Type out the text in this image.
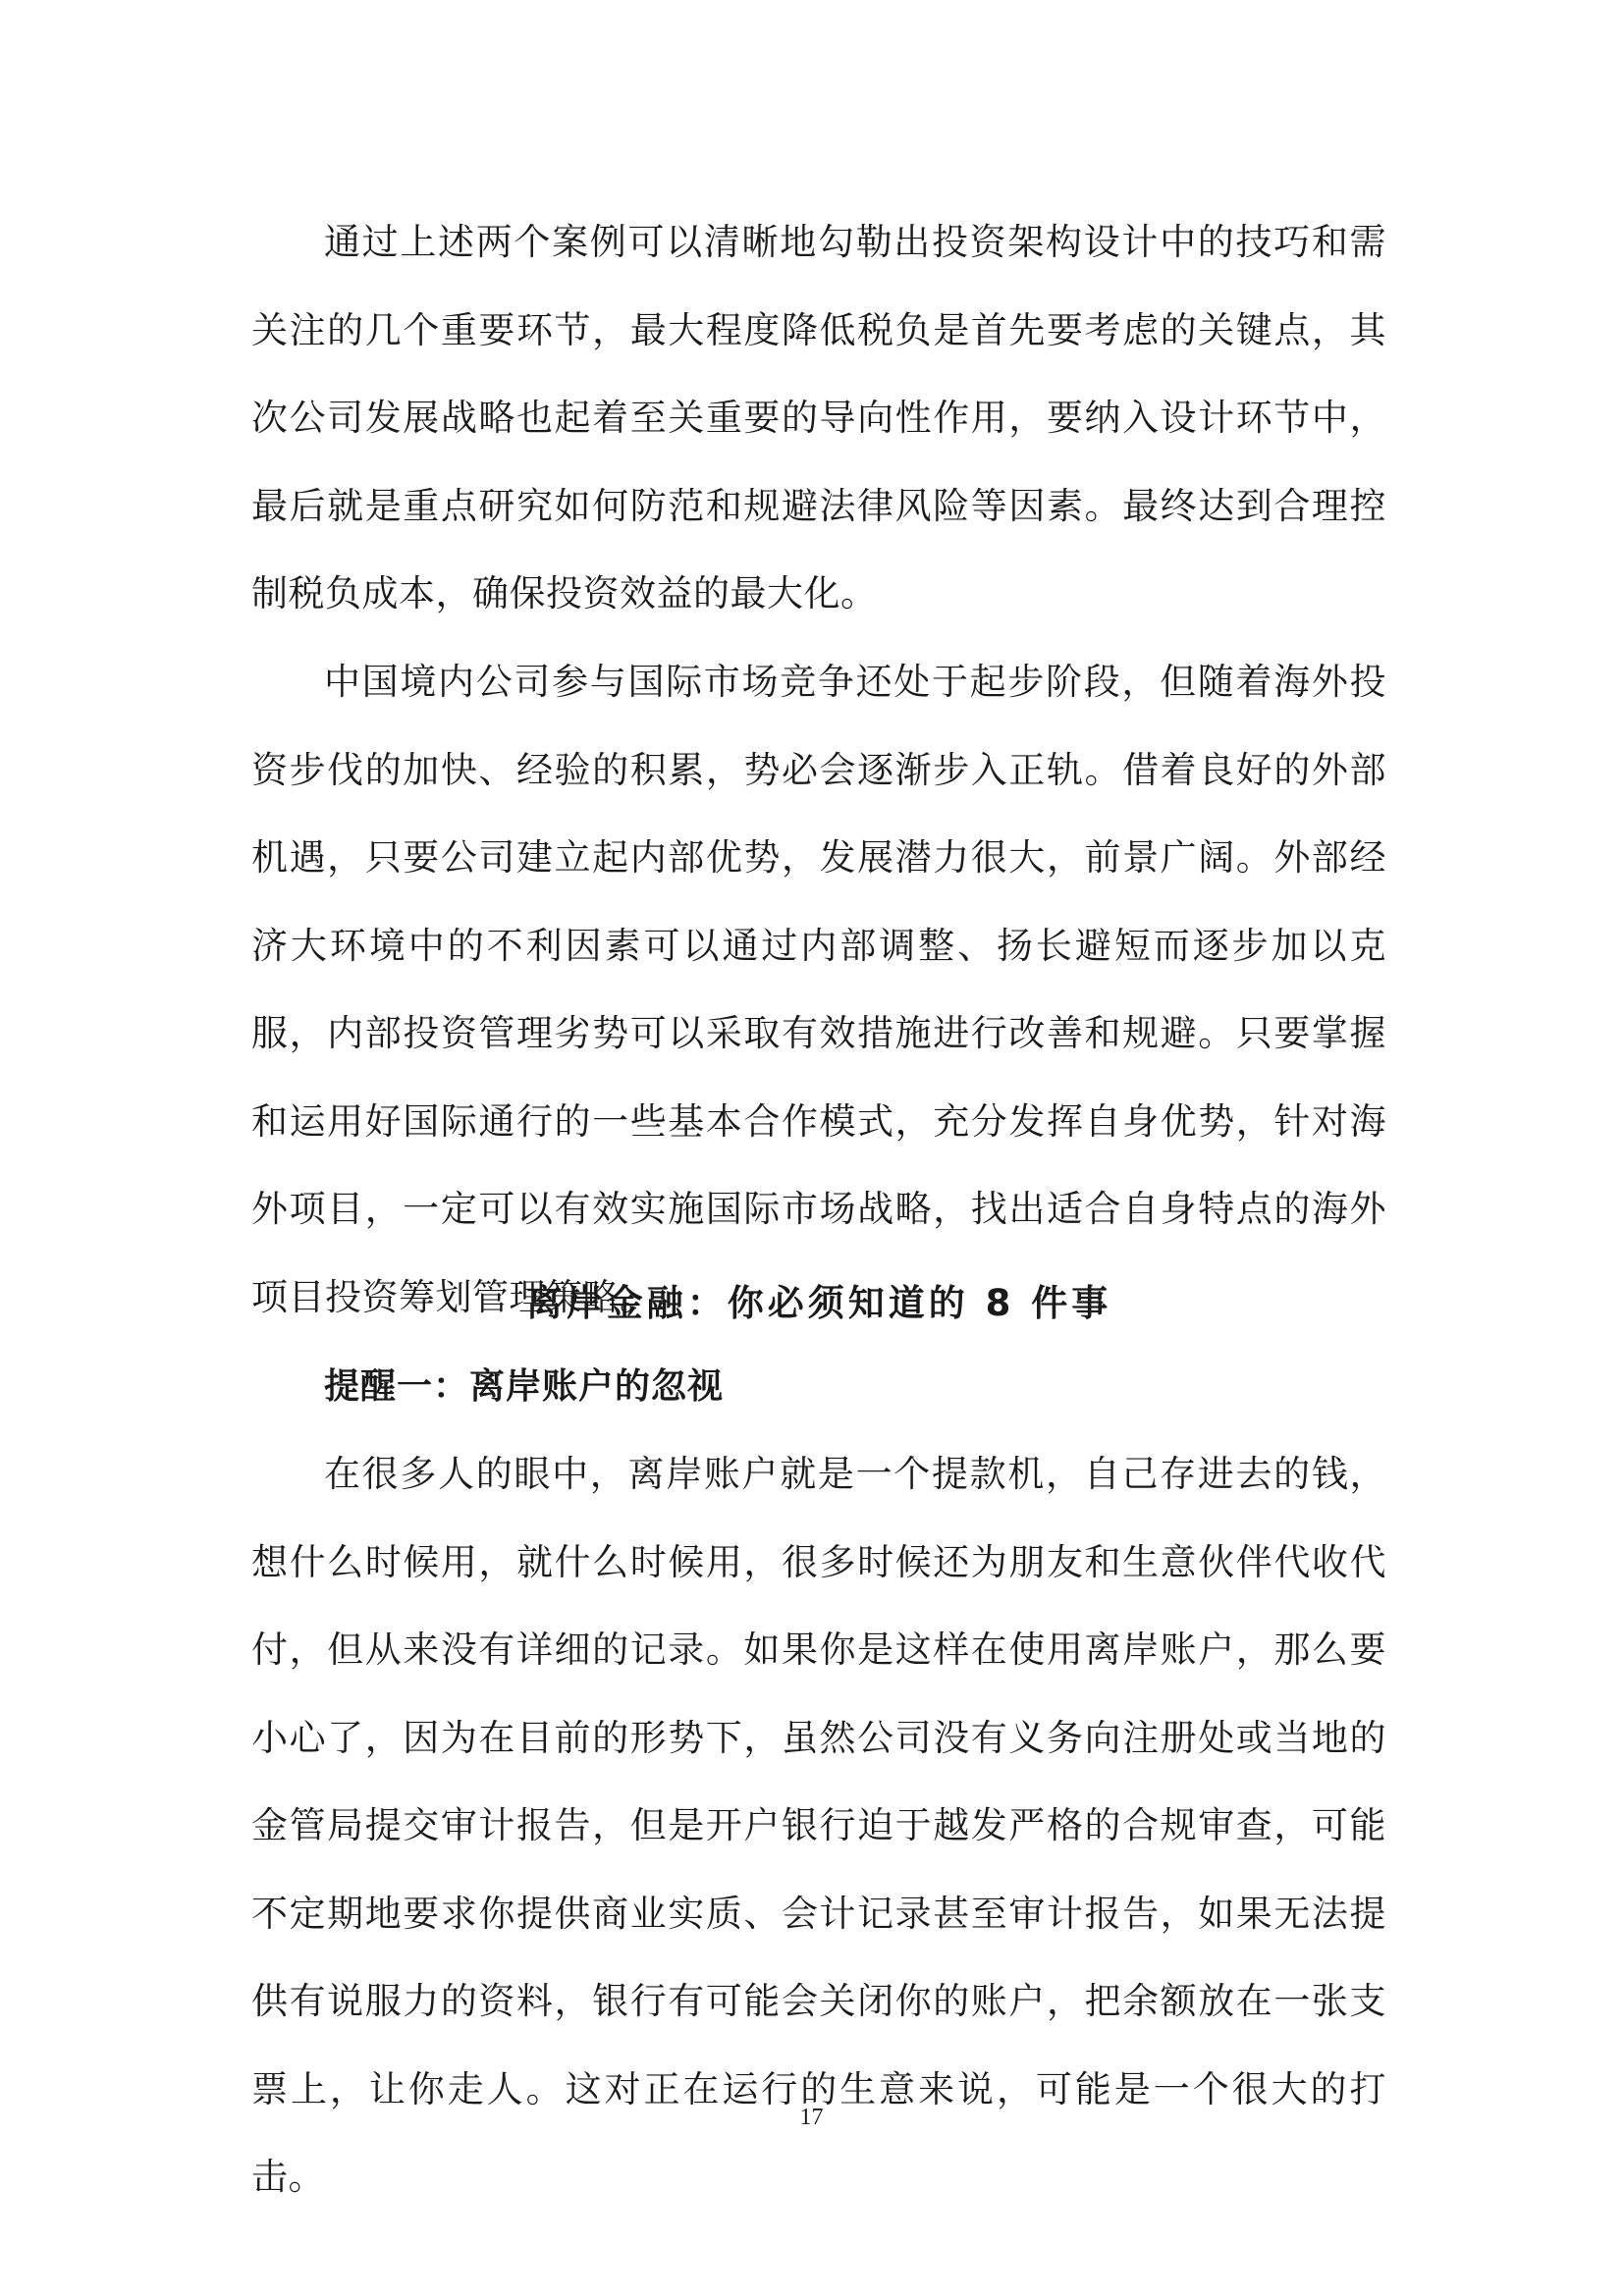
通过上述两个案例可以清晰地勾勒出投资架构设计中的技巧和需关注的几个重要环节，最大程度降低税负是首先要考虑的关键点，其次公司发展战略也起着至关重要的导向性作用，要纳入设计环节中，最后就是重点研究如何防范和规避法律风险等因素。最终达到合理控制税负成本，确保投资效益的最大化。

中国境内公司参与国际市场竞争还处于起步阶段，但随着海外投资步伐的加快、经验的积累，势必会逐渐步入正轨。借着良好的外部机遇，只要公司建立起内部优势，发展潜力很大，前景广阔。外部经济大环境中的不利因素可以通过内部调整、扬长避短而逐步加以克服，内部投资管理劣势可以采取有效措施进行改善和规避。只要掌握和运用好国际通行的一些基本合作模式，充分发挥自身优势，针对海外项目，一定可以有效实施国际市场战略，找出适合自身特点的海外项目投资筹划管理策略。

离岸金融：你必须知道的 8 件事
提醒一：离岸账户的忽视

在很多人的眼中，离岸账户就是一个提款机，自己存进去的钱，想什么时候用，就什么时候用，很多时候还为朋友和生意伙伴代收代付，但从来没有详细的记录。如果你是这样在使用离岸账户，那么要小心了，因为在目前的形势下，虽然公司没有义务向注册处或当地的金管局提交审计报告，但是开户银行迫于越发严格的合规审查，可能不定期地要求你提供商业实质、会计记录甚至审计报告，如果无法提供有说服力的资料，银行有可能会关闭你的账户，把余额放在一张支票上，让你走人。这对正在运行的生意来说，可能是一个很大的打击。

17
